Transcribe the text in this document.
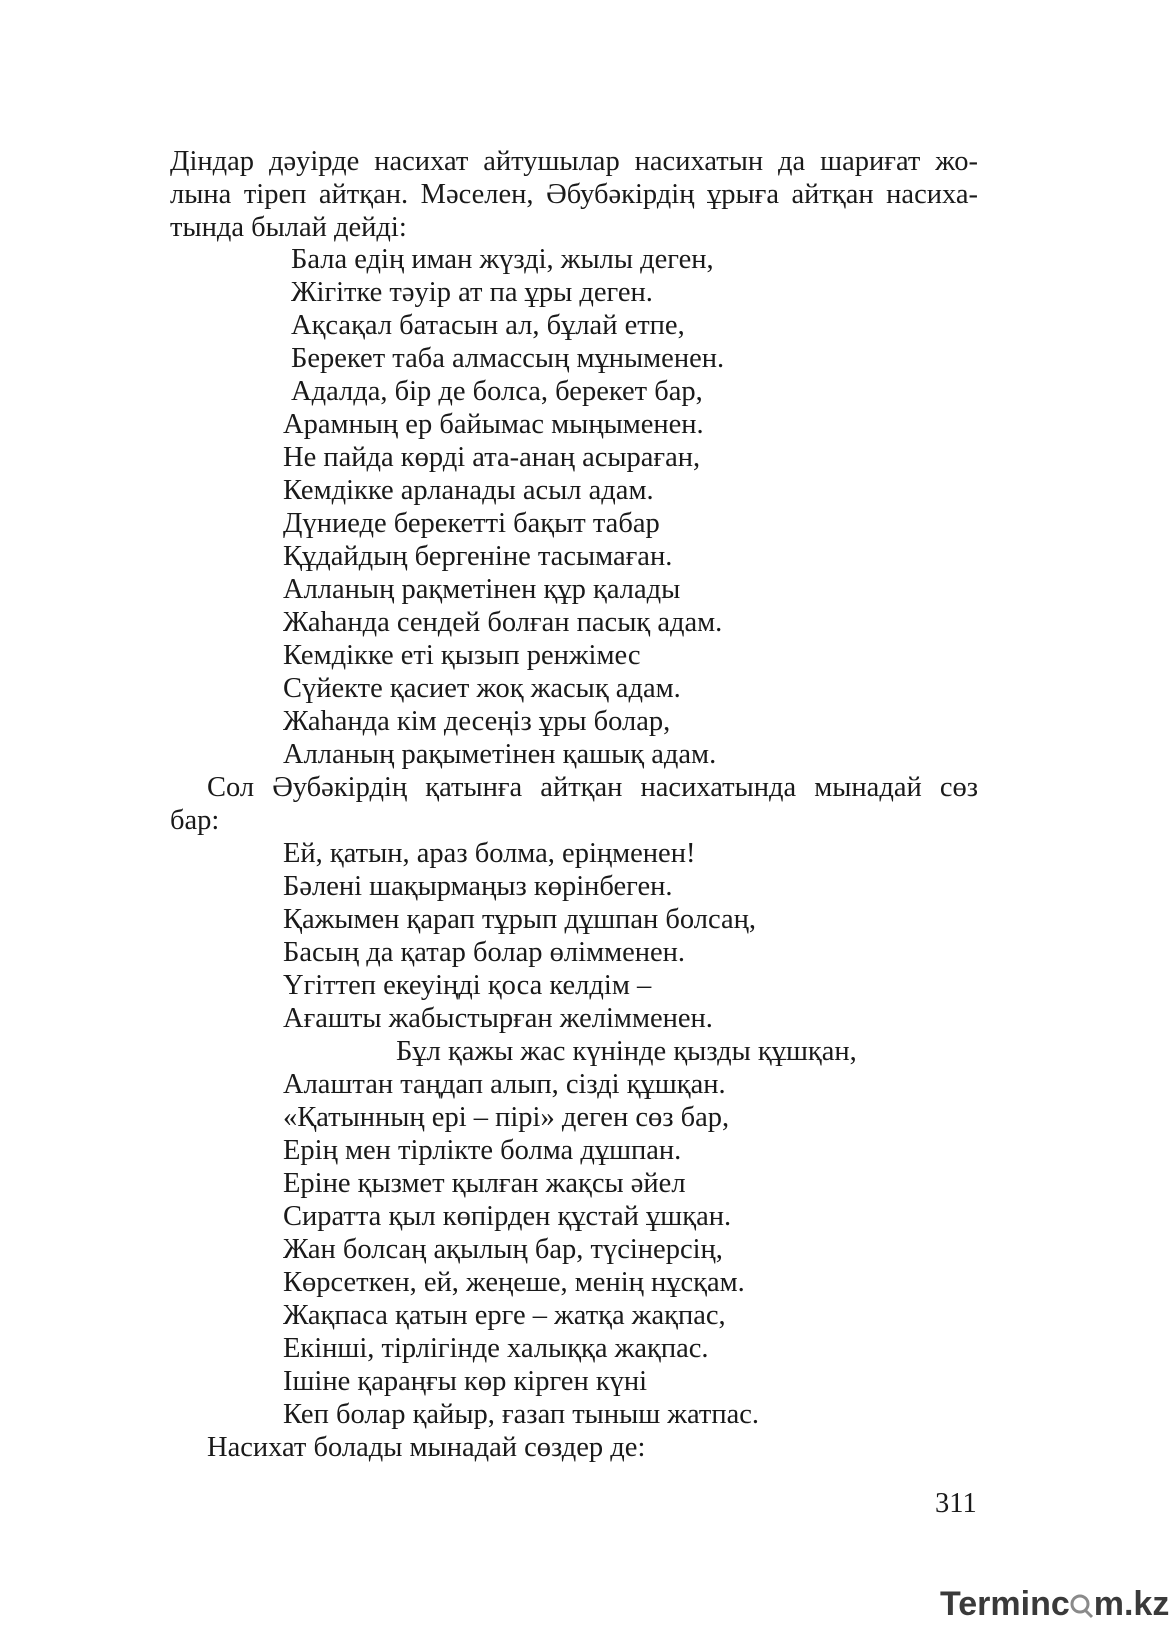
Діндар дәуірде насихат айтушылар насихатын да шариғат жо-
лына тіреп айтқан. Мәселен, Әбубәкірдің ұрыға айтқан насиха-
тында былай дейді:
Бала едің иман жүзді, жылы деген,
Жігітке тәуір ат па ұры деген.
Ақсақал батасын ал, бұлай етпе,
Берекет таба алмассың мұныменен.
Адалда, бір де болса, берекет бар,
Арамның ер байымас мыңыменен.
Не пайда көрді ата-анаң асыраған,
Кемдікке арланады асыл адам.
Дүниеде берекетті бақыт табар
Құдайдың бергеніне тасымаған.
Алланың рақметінен құр қалады
Жаһанда сендей болған пасық адам.
Кемдікке еті қызып ренжімес
Сүйекте қасиет жоқ жасық адам.
Жаһанда кім десеңіз ұры болар,
Алланың рақыметінен қашық адам.
Сол Әубәкірдің қатынға айтқан насихатында мынадай сөз
бар:
Ей, қатын, араз болма, еріңменен!
Бәлені шақырмаңыз көрінбеген.
Қажымен қарап тұрып дұшпан болсаң,
Басың да қатар болар өлімменен.
Үгіттеп екеуіңді қоса келдім –
Ағашты жабыстырған желімменен.
Бұл қажы жас күнінде қызды құшқан,
Алаштан таңдап алып, сізді құшқан.
«Қатынның ері – пірі» деген сөз бар,
Ерің мен тірлікте болма дұшпан.
Еріне қызмет қылған жақсы әйел
Сиратта қыл көпірден құстай ұшқан.
Жан болсаң ақылың бар, түсінерсің,
Көрсеткен, ей, жеңеше, менің нұсқам.
Жақпаса қатын ерге – жатқа жақпас,
Екінші, тірлігінде халыққа жақпас.
Ішіне қараңғы көр кірген күні
Кеп болар қайыр, ғазап тыныш жатпас.
Насихат болады мынадай сөздер де:
311
Terminc m.kz
